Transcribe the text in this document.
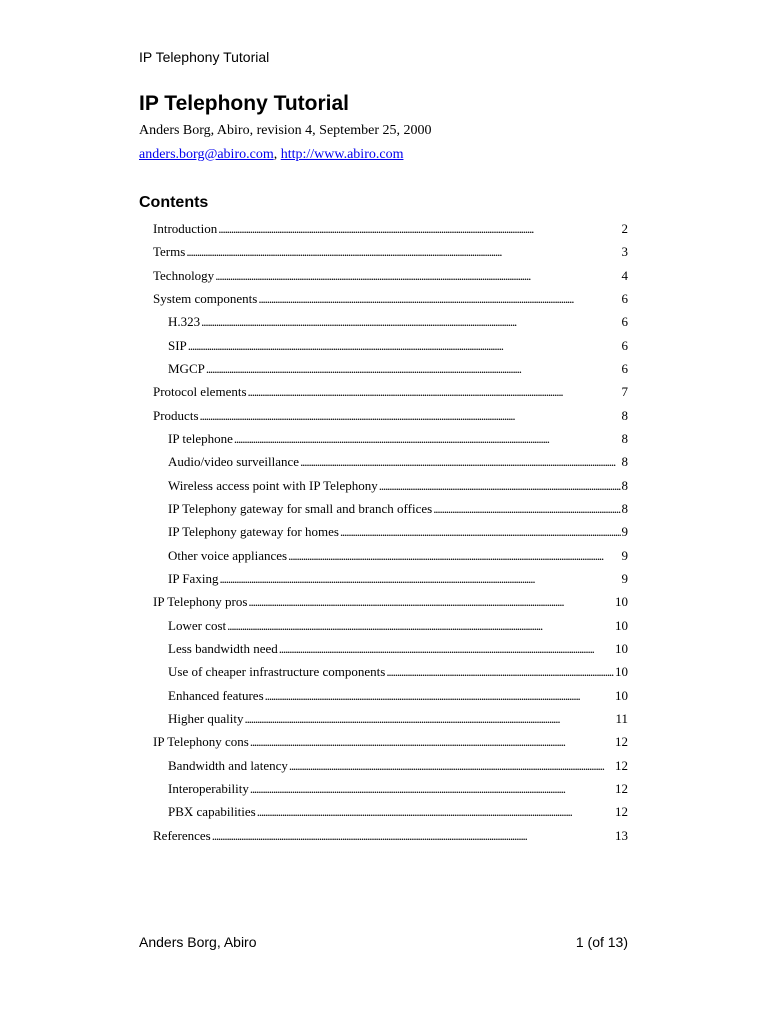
IP Telephony Tutorial
IP Telephony Tutorial
Anders Borg, Abiro, revision 4, September 25, 2000
anders.borg@abiro.com, http://www.abiro.com
Contents
Introduction . . .	2
Terms . . .	3
Technology . . .	4
System components . . .	6
H.323 . . .	6
SIP . . .	6
MGCP . . .	6
Protocol elements . . .	7
Products . . .	8
IP telephone . . .	8
Audio/video surveillance . . .	8
Wireless access point with IP Telephony . . .	8
IP Telephony gateway for small and branch offices . . .	8
IP Telephony gateway for homes . . .	9
Other voice appliances . . .	9
IP Faxing . . .	9
IP Telephony pros . . .	10
Lower cost . . .	10
Less bandwidth need . . .	10
Use of cheaper infrastructure components . . .	10
Enhanced features . . .	10
Higher quality . . .	11
IP Telephony cons . . .	12
Bandwidth and latency . . .	12
Interoperability . . .	12
PBX capabilities . . .	12
References . . .	13
Anders Borg, Abiro	1 (of 13)
